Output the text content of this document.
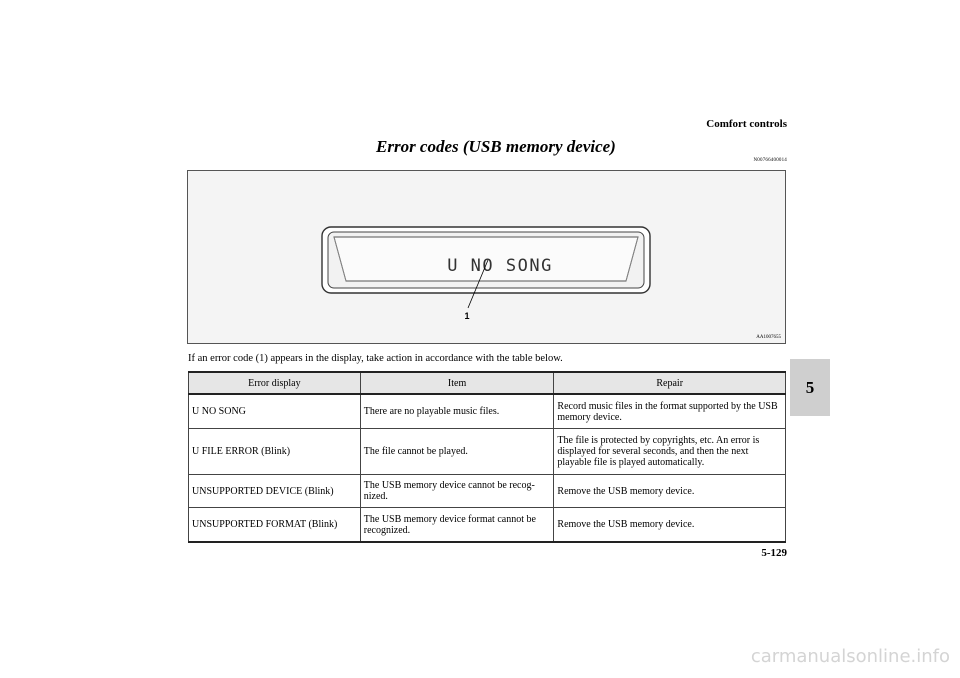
Comfort controls
Error codes (USB memory device)
N00766400014
U NO SONG
1
AA1007655
If an error code (1) appears in the display, take action in accordance with the table below.
Error display	Item	Repair
U NO SONG	There are no playable music files.	Record music files in the format supported by the USB memory device.
U FILE ERROR (Blink)	The file cannot be played.	The file is protected by copyrights, etc. An error is displayed for several seconds, and then the next playable file is played automatically.
UNSUPPORTED DEVICE (Blink)	The USB memory device cannot be recog-nized.	Remove the USB memory device.
UNSUPPORTED FORMAT (Blink)	The USB memory device format cannot be recognized.	Remove the USB memory device.
5
5-129
carmanualsonline.info
